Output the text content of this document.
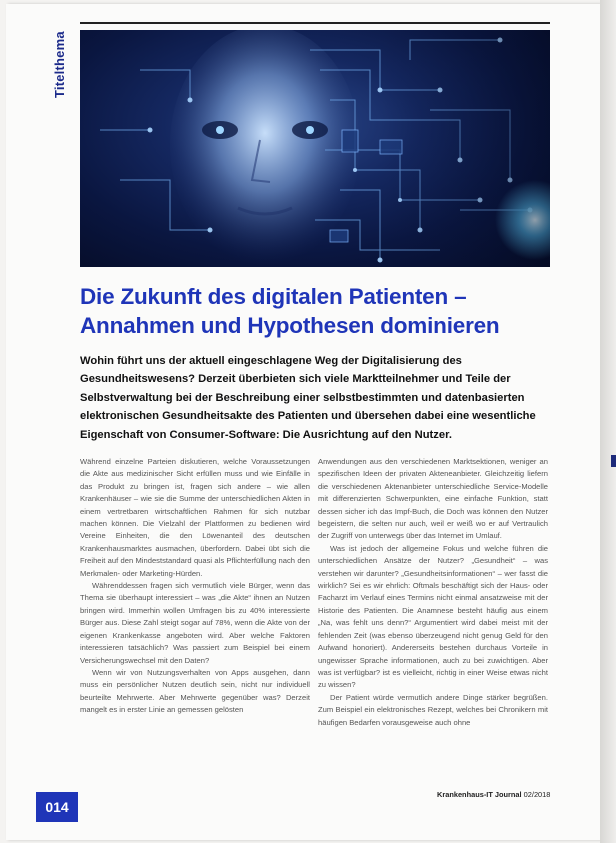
Titelthema
Die Zukunft des digitalen Patienten – Annahmen und Hypothesen dominieren

Wohin führt uns der aktuell eingeschlagene Weg der Digitalisierung des Gesundheitswesens? Derzeit überbieten sich viele Marktteilnehmer und Teile der Selbstverwaltung bei der Beschreibung einer selbstbestimmten und datenbasierten elektronischen Gesundheitsakte des Patienten und übersehen dabei eine wesentliche Eigenschaft von Consumer-Software: Die Ausrichtung auf den Nutzer.

Während einzelne Parteien diskutieren, welche Voraussetzungen die Akte aus medizinischer Sicht erfüllen muss und wie Einfälle in das Produkt zu bringen ist, fragen sich andere – wie allen Krankenhäuser – wie sie die Summe der unterschiedlichen Akten in einem vertretbaren wirtschaftlichen Rahmen für sich nutzbar machen können. Die Vielzahl der Plattformen zu bedienen wird Vereine Einheiten, die den Löwenanteil des deutschen Krankenhausmarktes ausmachen, überfordern. Dabei übt sich die Freiheit auf den Mindeststandard quasi als Pflichterfüllung nach den Merkmalen- oder Marketing-Hürden.

Währenddessen fragen sich vermutlich viele Bürger, wenn das Thema sie überhaupt interessiert – was „die Akte“ ihnen an Nutzen bringen wird. Immerhin wollen Umfragen bis zu 40% interessierte Bürger aus. Diese Zahl steigt sogar auf 78%, wenn die Akte von der eigenen Krankenkasse angeboten wird. Aber welche Faktoren interessieren tatsächlich? Was passiert zum Beispiel bei einem Versicherungswechsel mit den Daten?

Wenn wir von Nutzungsverhalten von Apps ausgehen, dann muss ein persönlicher Nutzen deutlich sein, nicht nur individuell beurteilte Mehrwerte. Aber Mehrwerte gegenüber was? Derzeit mangelt es in erster Linie an gemessen gelösten

Anwendungen aus den verschiedenen Marktsektionen, weniger an spezifischen Ideen der privaten Akteneanbieter. Gleichzeitig liefern die verschiedenen Aktenanbieter unterschiedliche Service-Modelle mit differenzierten Schwerpunkten, eine einfache Funktion, statt dessen sicher ich das Impf-Buch, die Doch was können den Nutzer begeistern, die selten nur auch, weil er weiß wo er auf Vertraulich der Zugriff von unterwegs über das Internet im Umlauf.

Was ist jedoch der allgemeine Fokus und welche führen die unterschiedlichen Ansätze der Nutzer? „Gesundheit“ – was verstehen wir darunter? „Gesundheitsinformationen“ – wer fasst die wirklich? Sei es wir ehrlich: Oftmals beschäftigt sich der Haus- oder Facharzt im Verlauf eines Termins nicht einmal ansatzweise mit der Historie des Patienten. Die Anamnese besteht häufig aus einem „Na, was fehlt uns denn?“ Argumentiert wird dabei meist mit der fehlenden Zeit (was ebenso überzeugend nicht genug Geld für den Aufwand honoriert). Andererseits bestehen durchaus Vorteile in ungewisser Sprache informationen, auch zu bei zuwichtigen. Aber was ist verfügbar? ist es vielleicht, richtig in einer Weise etwas nicht zu wissen?

Der Patient würde vermutlich andere Dinge stärker begrüßen. Zum Beispiel ein elektronisches Rezept, welches bei Chronikern mit häufigen Bedarfen vorausgeweise auch ohne

014
Krankenhaus-IT Journal 02/2018
